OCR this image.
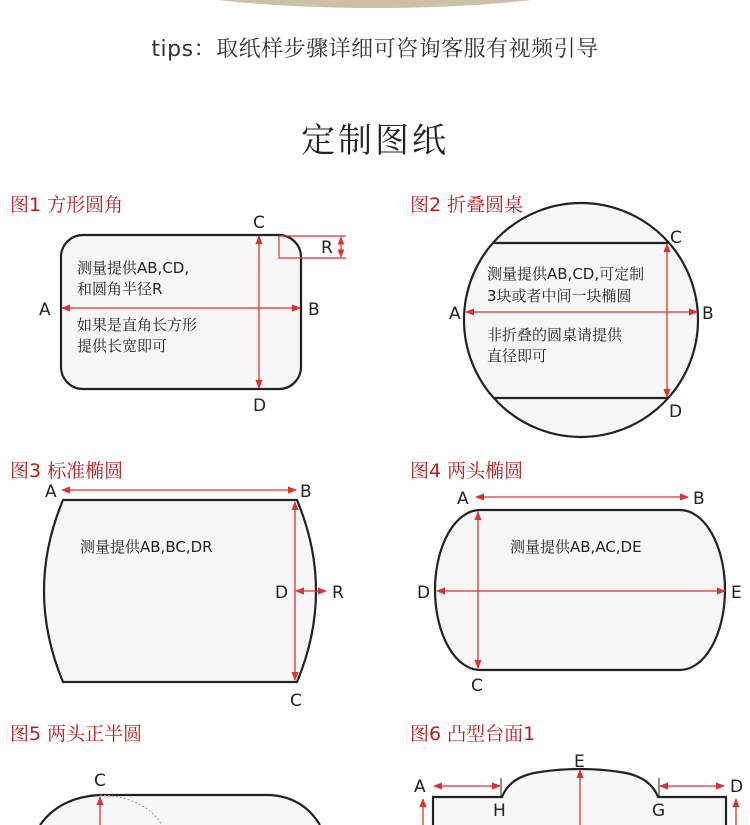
tips：取纸样步骤详细可咨询客服有视频引导
定制图纸
图1 方形圆角	图2 折叠圆桌
图3 标准椭圆	图4 两头椭圆
图5 两头正半圆	图6 凸型台面1
A	B
C
D
R
测量提供AB,CD,
和圆角半径R
如果是直角长方形
提供长宽即可
A	B
C
D
测量提供AB,CD,可定制
3块或者中间一块椭圆
非折叠的圆桌请提供
直径即可
A	B
C
D	R
测量提供AB,BC,DR
A	B
C
D	E
测量提供AB,AC,DE
C	A	D
E
H	G
